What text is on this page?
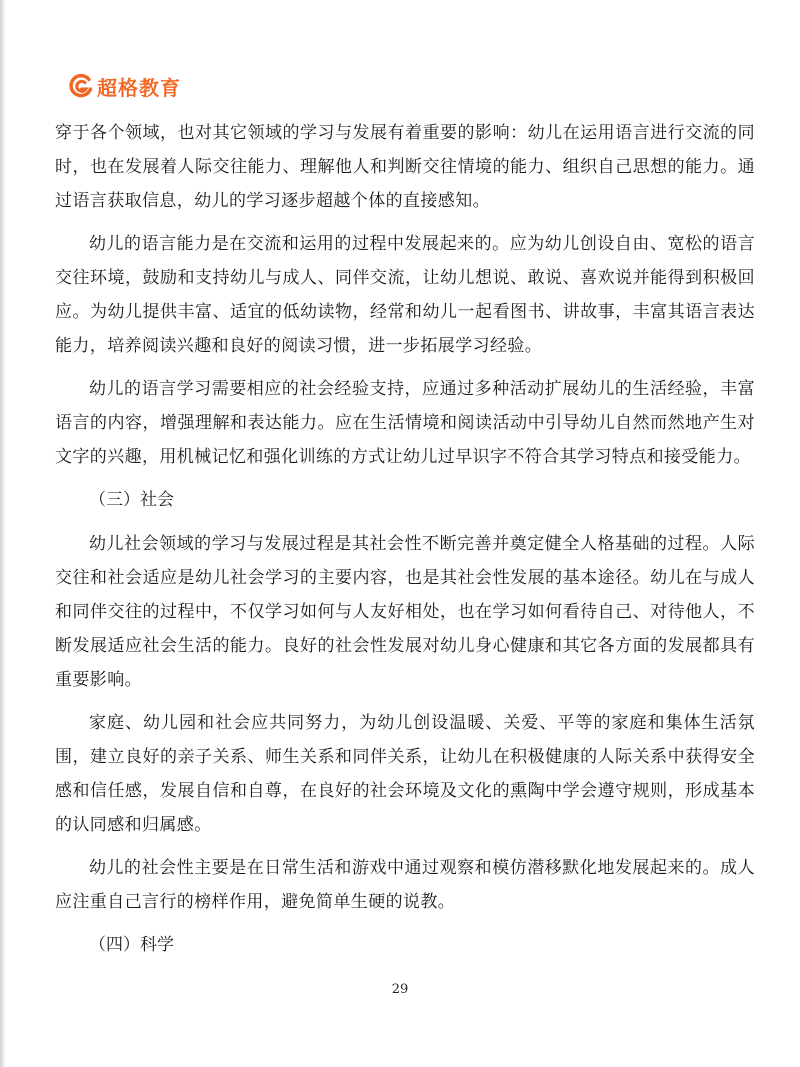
超格教育

穿于各个领域，也对其它领域的学习与发展有着重要的影响：幼儿在运用语言进行交流的同时，也在发展着人际交往能力、理解他人和判断交往情境的能力、组织自己思想的能力。通过语言获取信息，幼儿的学习逐步超越个体的直接感知。

幼儿的语言能力是在交流和运用的过程中发展起来的。应为幼儿创设自由、宽松的语言交往环境，鼓励和支持幼儿与成人、同伴交流，让幼儿想说、敢说、喜欢说并能得到积极回应。为幼儿提供丰富、适宜的低幼读物，经常和幼儿一起看图书、讲故事，丰富其语言表达能力，培养阅读兴趣和良好的阅读习惯，进一步拓展学习经验。

幼儿的语言学习需要相应的社会经验支持，应通过多种活动扩展幼儿的生活经验，丰富语言的内容，增强理解和表达能力。应在生活情境和阅读活动中引导幼儿自然而然地产生对文字的兴趣，用机械记忆和强化训练的方式让幼儿过早识字不符合其学习特点和接受能力。

（三）社会

幼儿社会领域的学习与发展过程是其社会性不断完善并奠定健全人格基础的过程。人际交往和社会适应是幼儿社会学习的主要内容，也是其社会性发展的基本途径。幼儿在与成人和同伴交往的过程中，不仅学习如何与人友好相处，也在学习如何看待自己、对待他人，不断发展适应社会生活的能力。良好的社会性发展对幼儿身心健康和其它各方面的发展都具有重要影响。

家庭、幼儿园和社会应共同努力，为幼儿创设温暖、关爱、平等的家庭和集体生活氛围，建立良好的亲子关系、师生关系和同伴关系，让幼儿在积极健康的人际关系中获得安全感和信任感，发展自信和自尊，在良好的社会环境及文化的熏陶中学会遵守规则，形成基本的认同感和归属感。

幼儿的社会性主要是在日常生活和游戏中通过观察和模仿潜移默化地发展起来的。成人应注重自己言行的榜样作用，避免简单生硬的说教。

（四）科学

29
